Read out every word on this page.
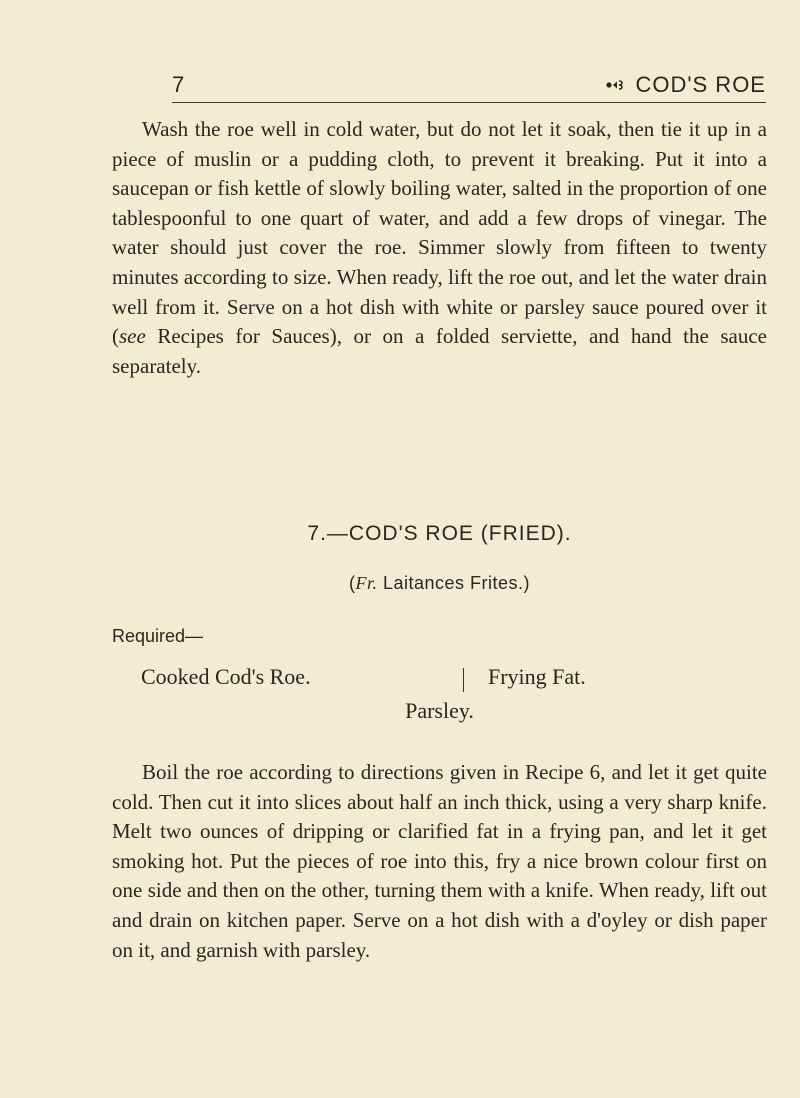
7	COD'S ROE

Wash the roe well in cold water, but do not let it soak, then tie it up in a piece of muslin or a pudding cloth, to prevent it breaking. Put it into a saucepan or fish kettle of slowly boiling water, salted in the proportion of one tablespoonful to one quart of water, and add a few drops of vinegar. The water should just cover the roe. Simmer slowly from fifteen to twenty minutes according to size. When ready, lift the roe out, and let the water drain well from it. Serve on a hot dish with white or parsley sauce poured over it (see Recipes for Sauces), or on a folded serviette, and hand the sauce separately.

7.—COD'S ROE (FRIED).
(Fr. Laitances Frites.)
Required—
Cooked Cod's Roe.	Frying Fat.
Parsley.

Boil the roe according to directions given in Recipe 6, and let it get quite cold. Then cut it into slices about half an inch thick, using a very sharp knife. Melt two ounces of dripping or clarified fat in a frying pan, and let it get smoking hot. Put the pieces of roe into this, fry a nice brown colour first on one side and then on the other, turning them with a knife. When ready, lift out and drain on kitchen paper. Serve on a hot dish with a d'oyley or dish paper on it, and garnish with parsley.
